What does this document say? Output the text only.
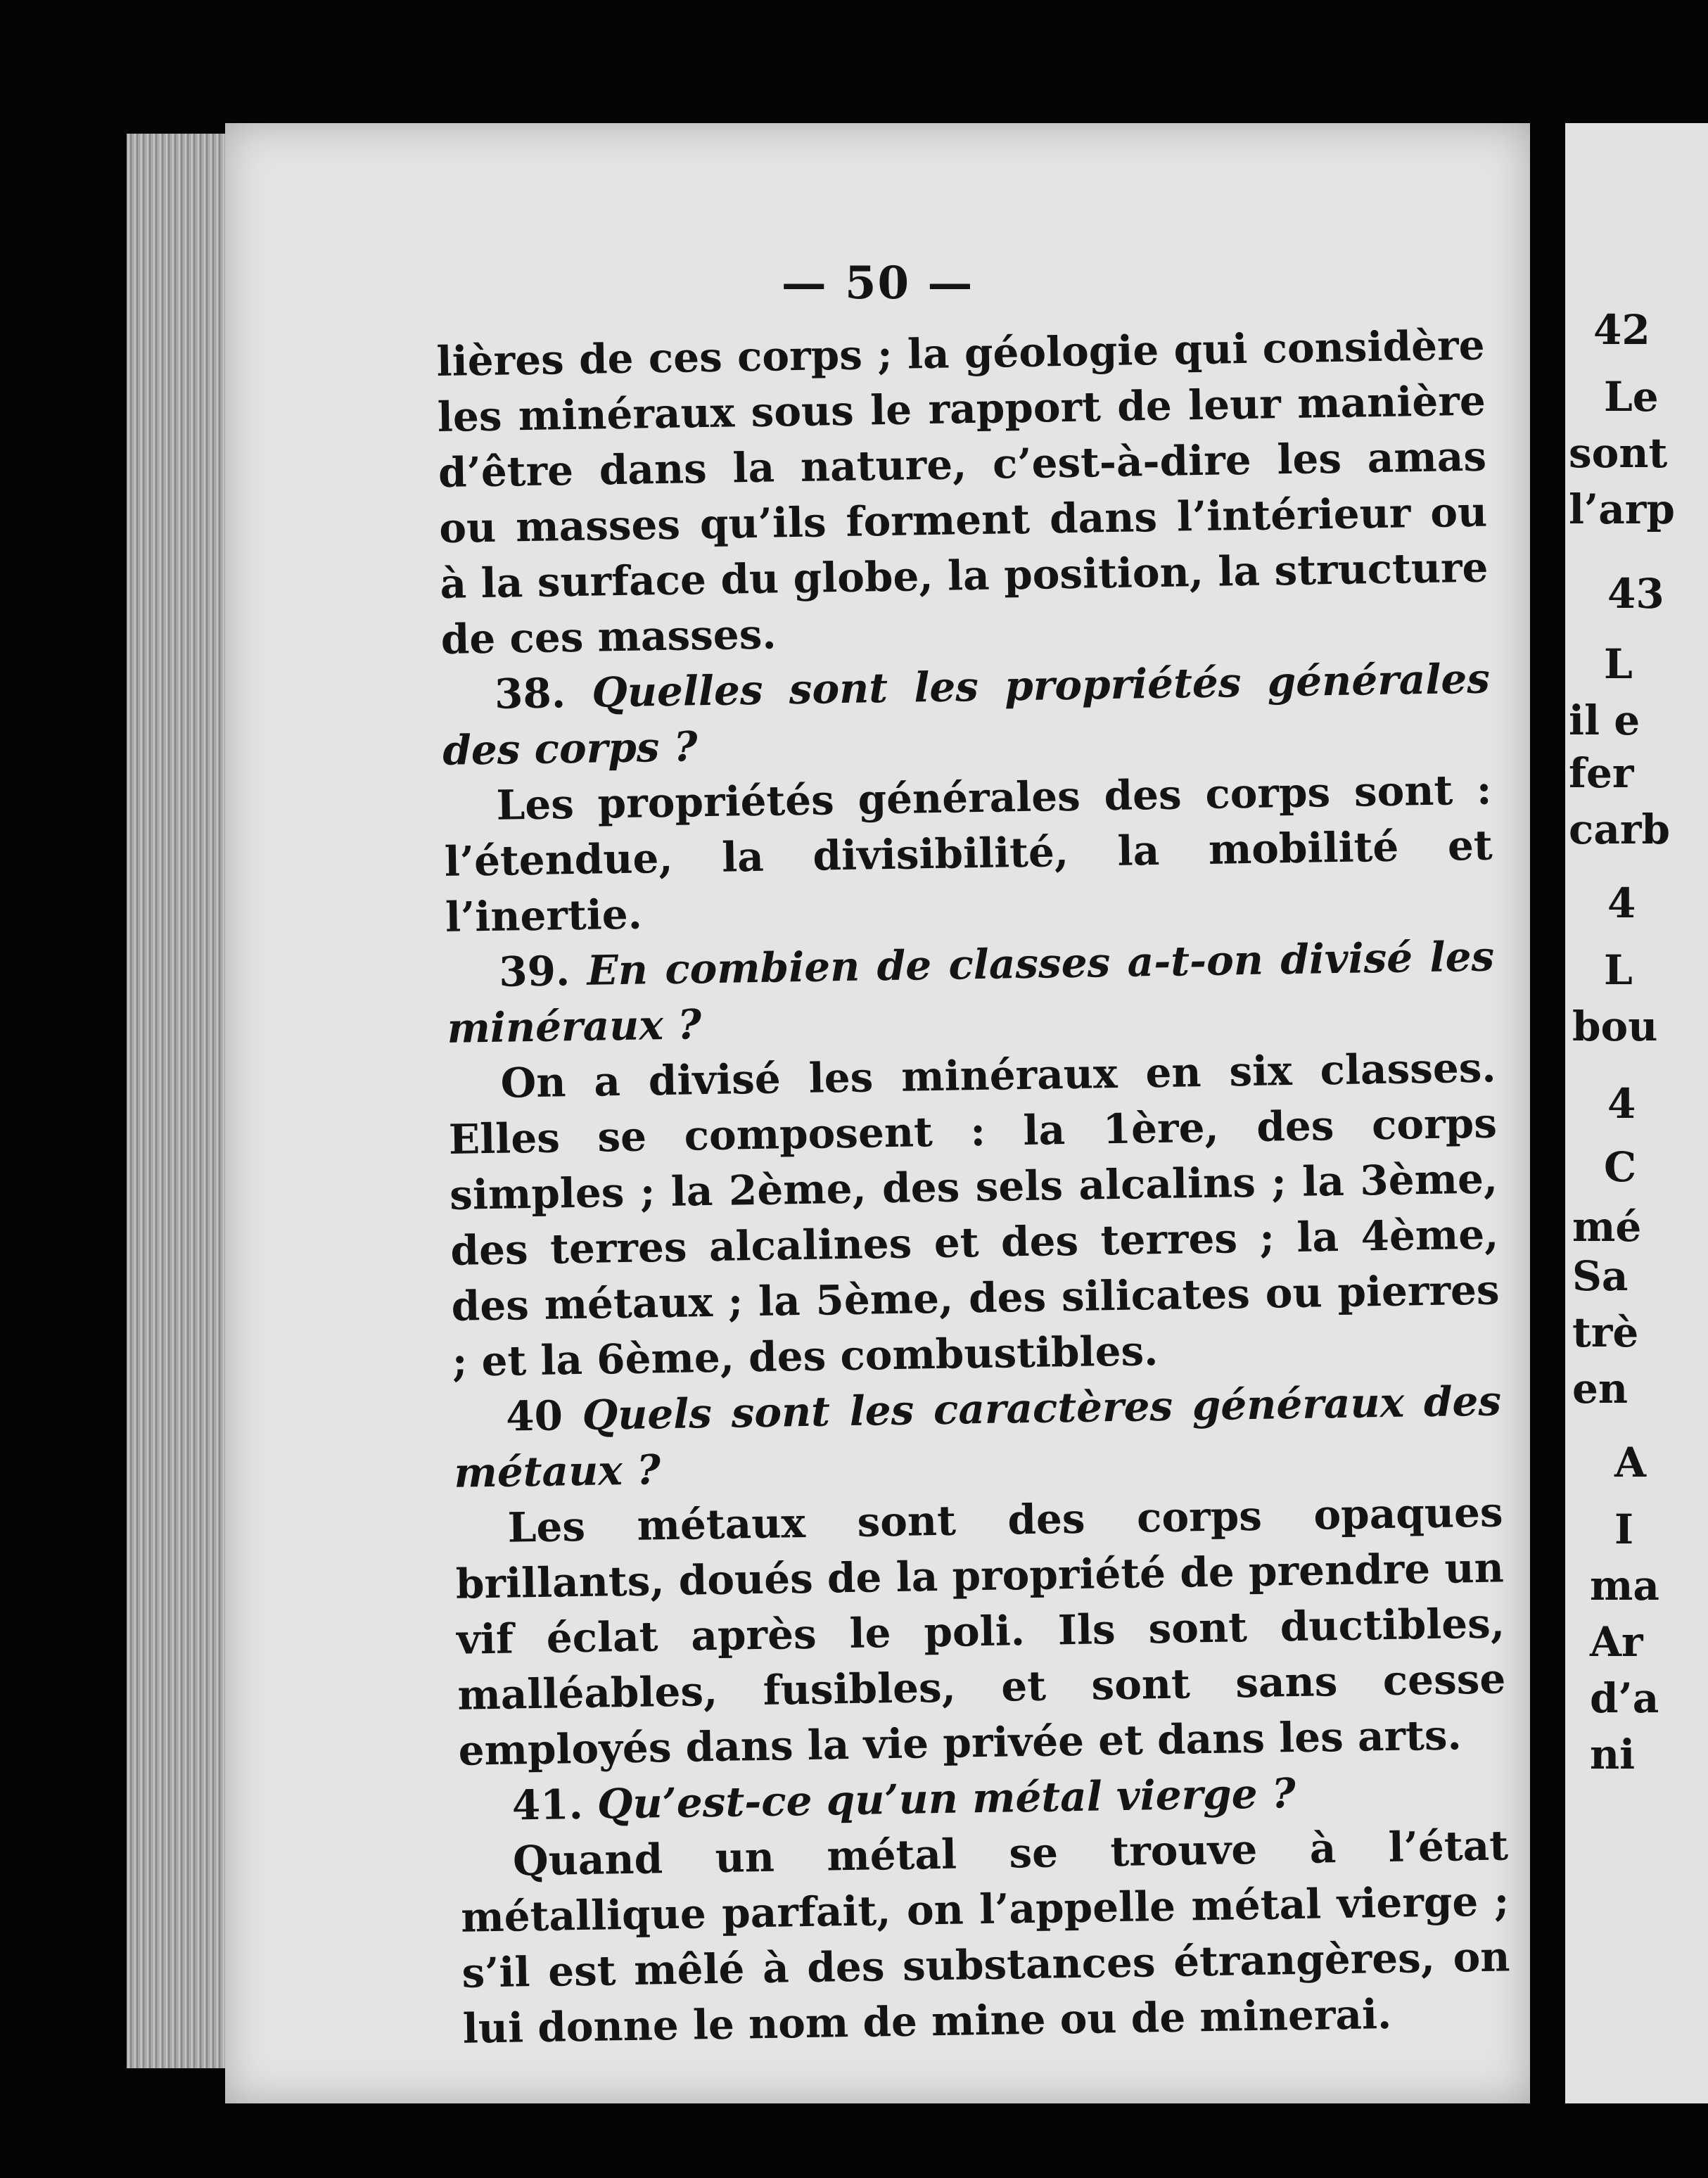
— 50 —

lières de ces corps ; la géologie qui considère les minéraux sous le rapport de leur manière d’être dans la nature, c’est-à-dire les amas ou masses qu’ils forment dans l’intérieur ou à la surface du globe, la position, la structure de ces masses.

38. Quelles sont les propriétés générales des corps ?

Les propriétés générales des corps sont : l’étendue, la divisibilité, la mobilité et l’inertie.

39. En combien de classes a-t-on divisé les minéraux ?

On a divisé les minéraux en six classes. Elles se composent : la 1ère, des corps simples ; la 2ème, des sels alcalins ; la 3ème, des terres alcalines et des terres ; la 4ème, des métaux ; la 5ème, des silicates ou pierres ; et la 6ème, des combustibles.

40 Quels sont les caractères généraux des métaux ?

Les métaux sont des corps opaques brillants, doués de la propriété de prendre un vif éclat après le poli. Ils sont ductibles, malléables, fusibles, et sont sans cesse employés dans la vie privée et dans les arts.

41. Qu’est-ce qu’un métal vierge ?

Quand un métal se trouve à l’état métallique parfait, on l’appelle métal vierge ; s’il est mêlé à des substances étrangères, on lui donne le nom de mine ou de minerai.

42
Le
sont
l’arp
43
L
il e
fer
carb
4
L
bou
4
C
mé
Sa
trè
en
A
I
ma
Ar
d’a
ni
